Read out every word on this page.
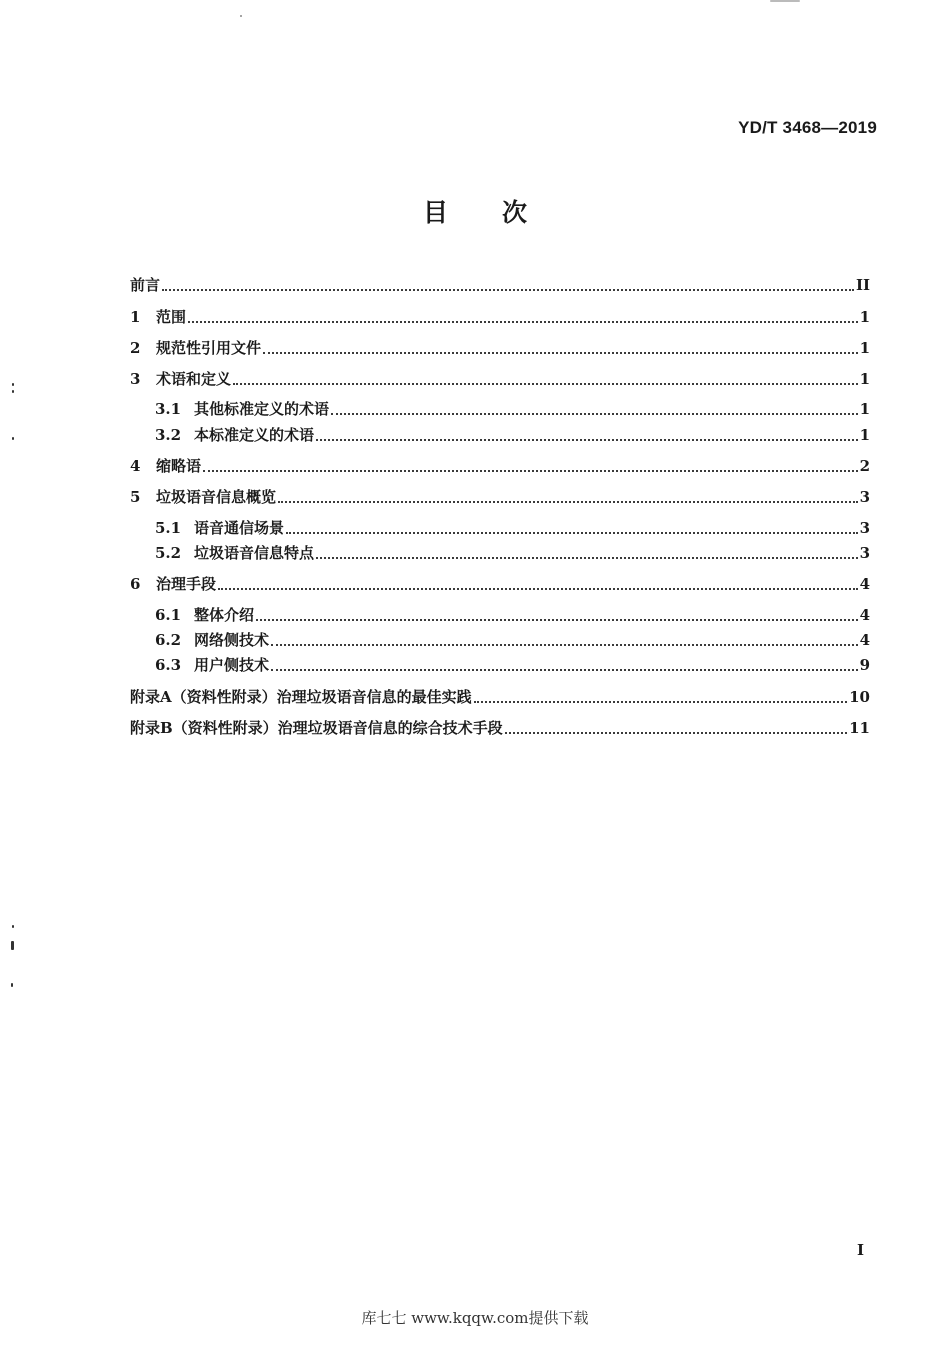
YD/T 3468—2019
目 次
前言	II
1	范围	1
2	规范性引用文件	1
3	术语和定义	1
3.1 其他标准定义的术语	1
3.2 本标准定义的术语	1
4	缩略语	2
5	垃圾语音信息概览	3
5.1 语音通信场景	3
5.2 垃圾语音信息特点	3
6	治理手段	4
6.1 整体介绍	4
6.2 网络侧技术	4
6.3 用户侧技术	9
附录A（资料性附录）治理垃圾语音信息的最佳实践	10
附录B（资料性附录）治理垃圾语音信息的综合技术手段	11
I
库七七 www.kqqw.com提供下载
